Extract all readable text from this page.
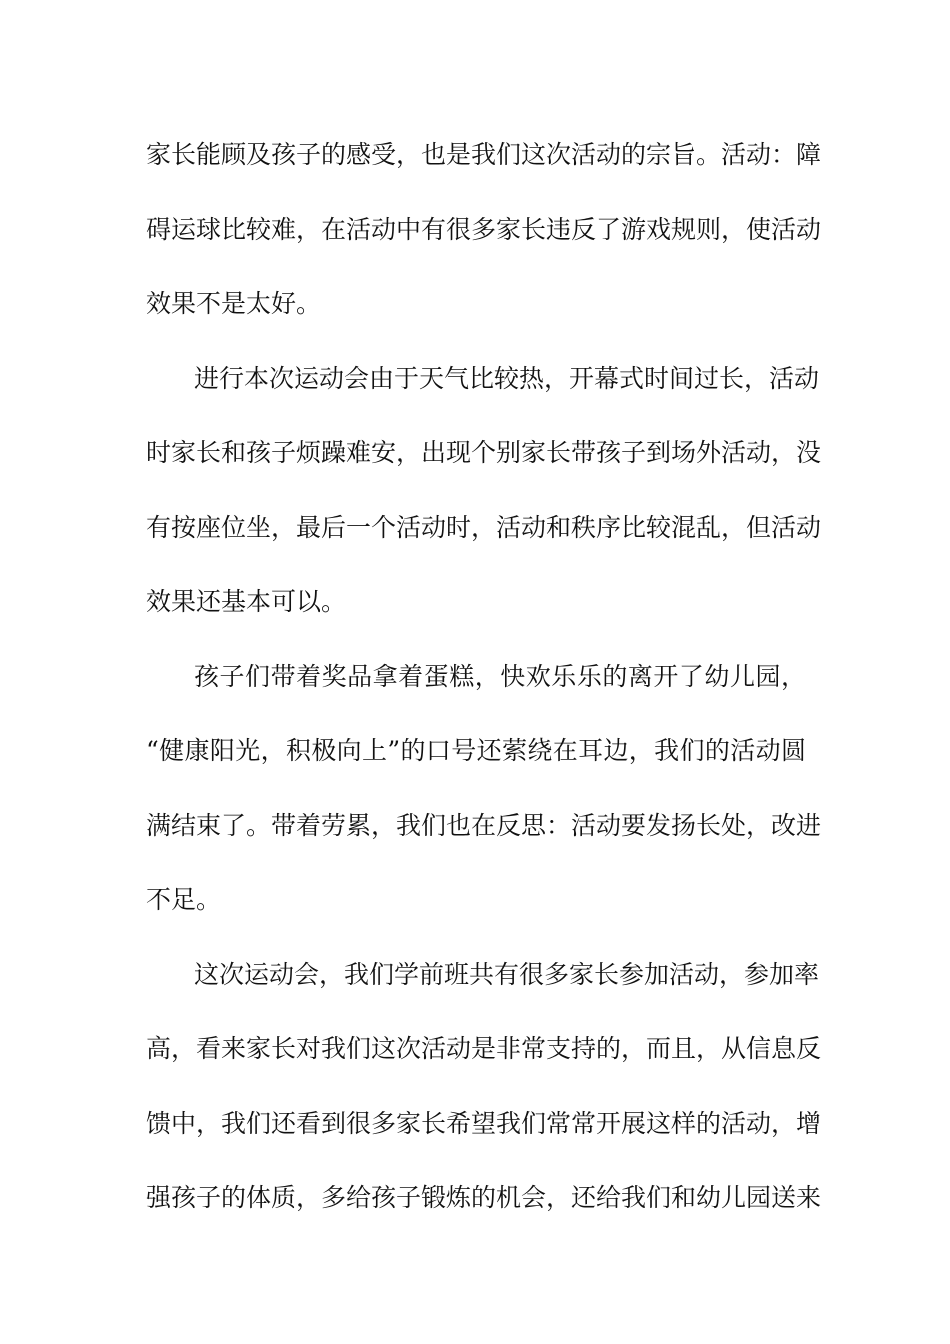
家长能顾及孩子的感受，也是我们这次活动的宗旨。活动：障
碍运球比较难，在活动中有很多家长违反了游戏规则，使活动
效果不是太好。
进行本次运动会由于天气比较热，开幕式时间过长，活动
时家长和孩子烦躁难安，出现个别家长带孩子到场外活动，没
有按座位坐，最后一个活动时，活动和秩序比较混乱，但活动
效果还基本可以。
孩子们带着奖品拿着蛋糕，快欢乐乐的离开了幼儿园，
“健康阳光，积极向上”的口号还萦绕在耳边，我们的活动圆
满结束了。带着劳累，我们也在反思：活动要发扬长处，改进
不足。
这次运动会，我们学前班共有很多家长参加活动，参加率
高，看来家长对我们这次活动是非常支持的，而且，从信息反
馈中，我们还看到很多家长希望我们常常开展这样的活动，增
强孩子的体质，多给孩子锻炼的机会，还给我们和幼儿园送来
